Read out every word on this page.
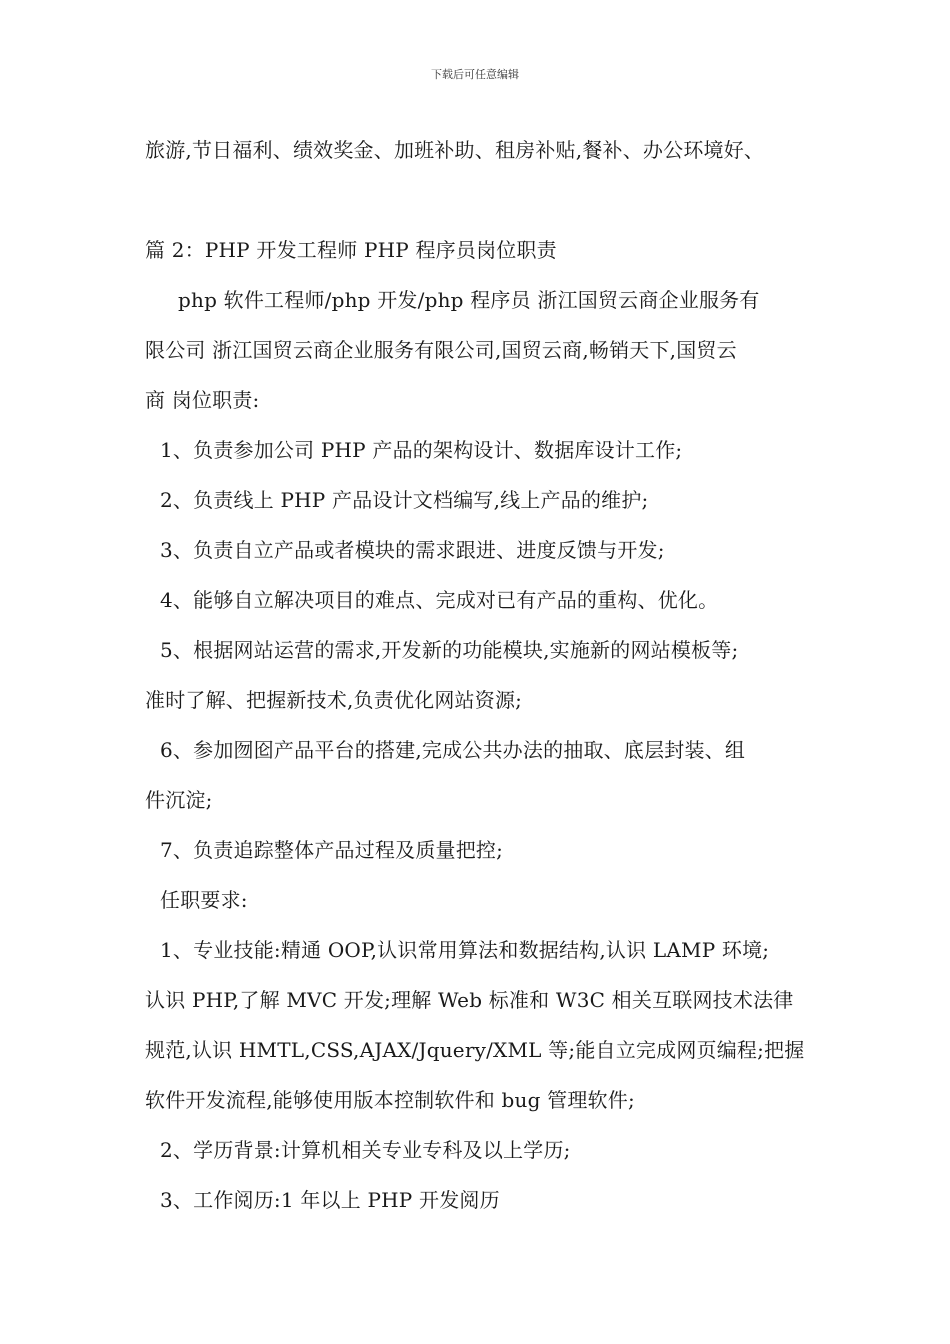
下载后可任意编辑
旅游,节日福利、绩效奖金、加班补助、租房补贴,餐补、办公环境好、
篇 2：PHP 开发工程师 PHP 程序员岗位职责
php 软件工程师/php 开发/php 程序员 浙江国贸云商企业服务有
限公司 浙江国贸云商企业服务有限公司,国贸云商,畅销天下,国贸云
商 岗位职责:
1、负责参加公司 PHP 产品的架构设计、数据库设计工作;
2、负责线上 PHP 产品设计文档编写,线上产品的维护;
3、负责自立产品或者模块的需求跟进、进度反馈与开发;
4、能够自立解决项目的难点、完成对已有产品的重构、优化。
5、根据网站运营的需求,开发新的功能模块,实施新的网站模板等;
准时了解、把握新技术,负责优化网站资源;
6、参加囫囵产品平台的搭建,完成公共办法的抽取、底层封装、组
件沉淀;
7、负责追踪整体产品过程及质量把控;
任职要求:
1、专业技能:精通 OOP,认识常用算法和数据结构,认识 LAMP 环境;
认识 PHP,了解 MVC 开发;理解 Web 标准和 W3C 相关互联网技术法律
规范,认识 HMTL,CSS,AJAX/Jquery/XML 等;能自立完成网页编程;把握
软件开发流程,能够使用版本控制软件和 bug 管理软件;
2、学历背景:计算机相关专业专科及以上学历;
3、工作阅历:1 年以上 PHP 开发阅历
